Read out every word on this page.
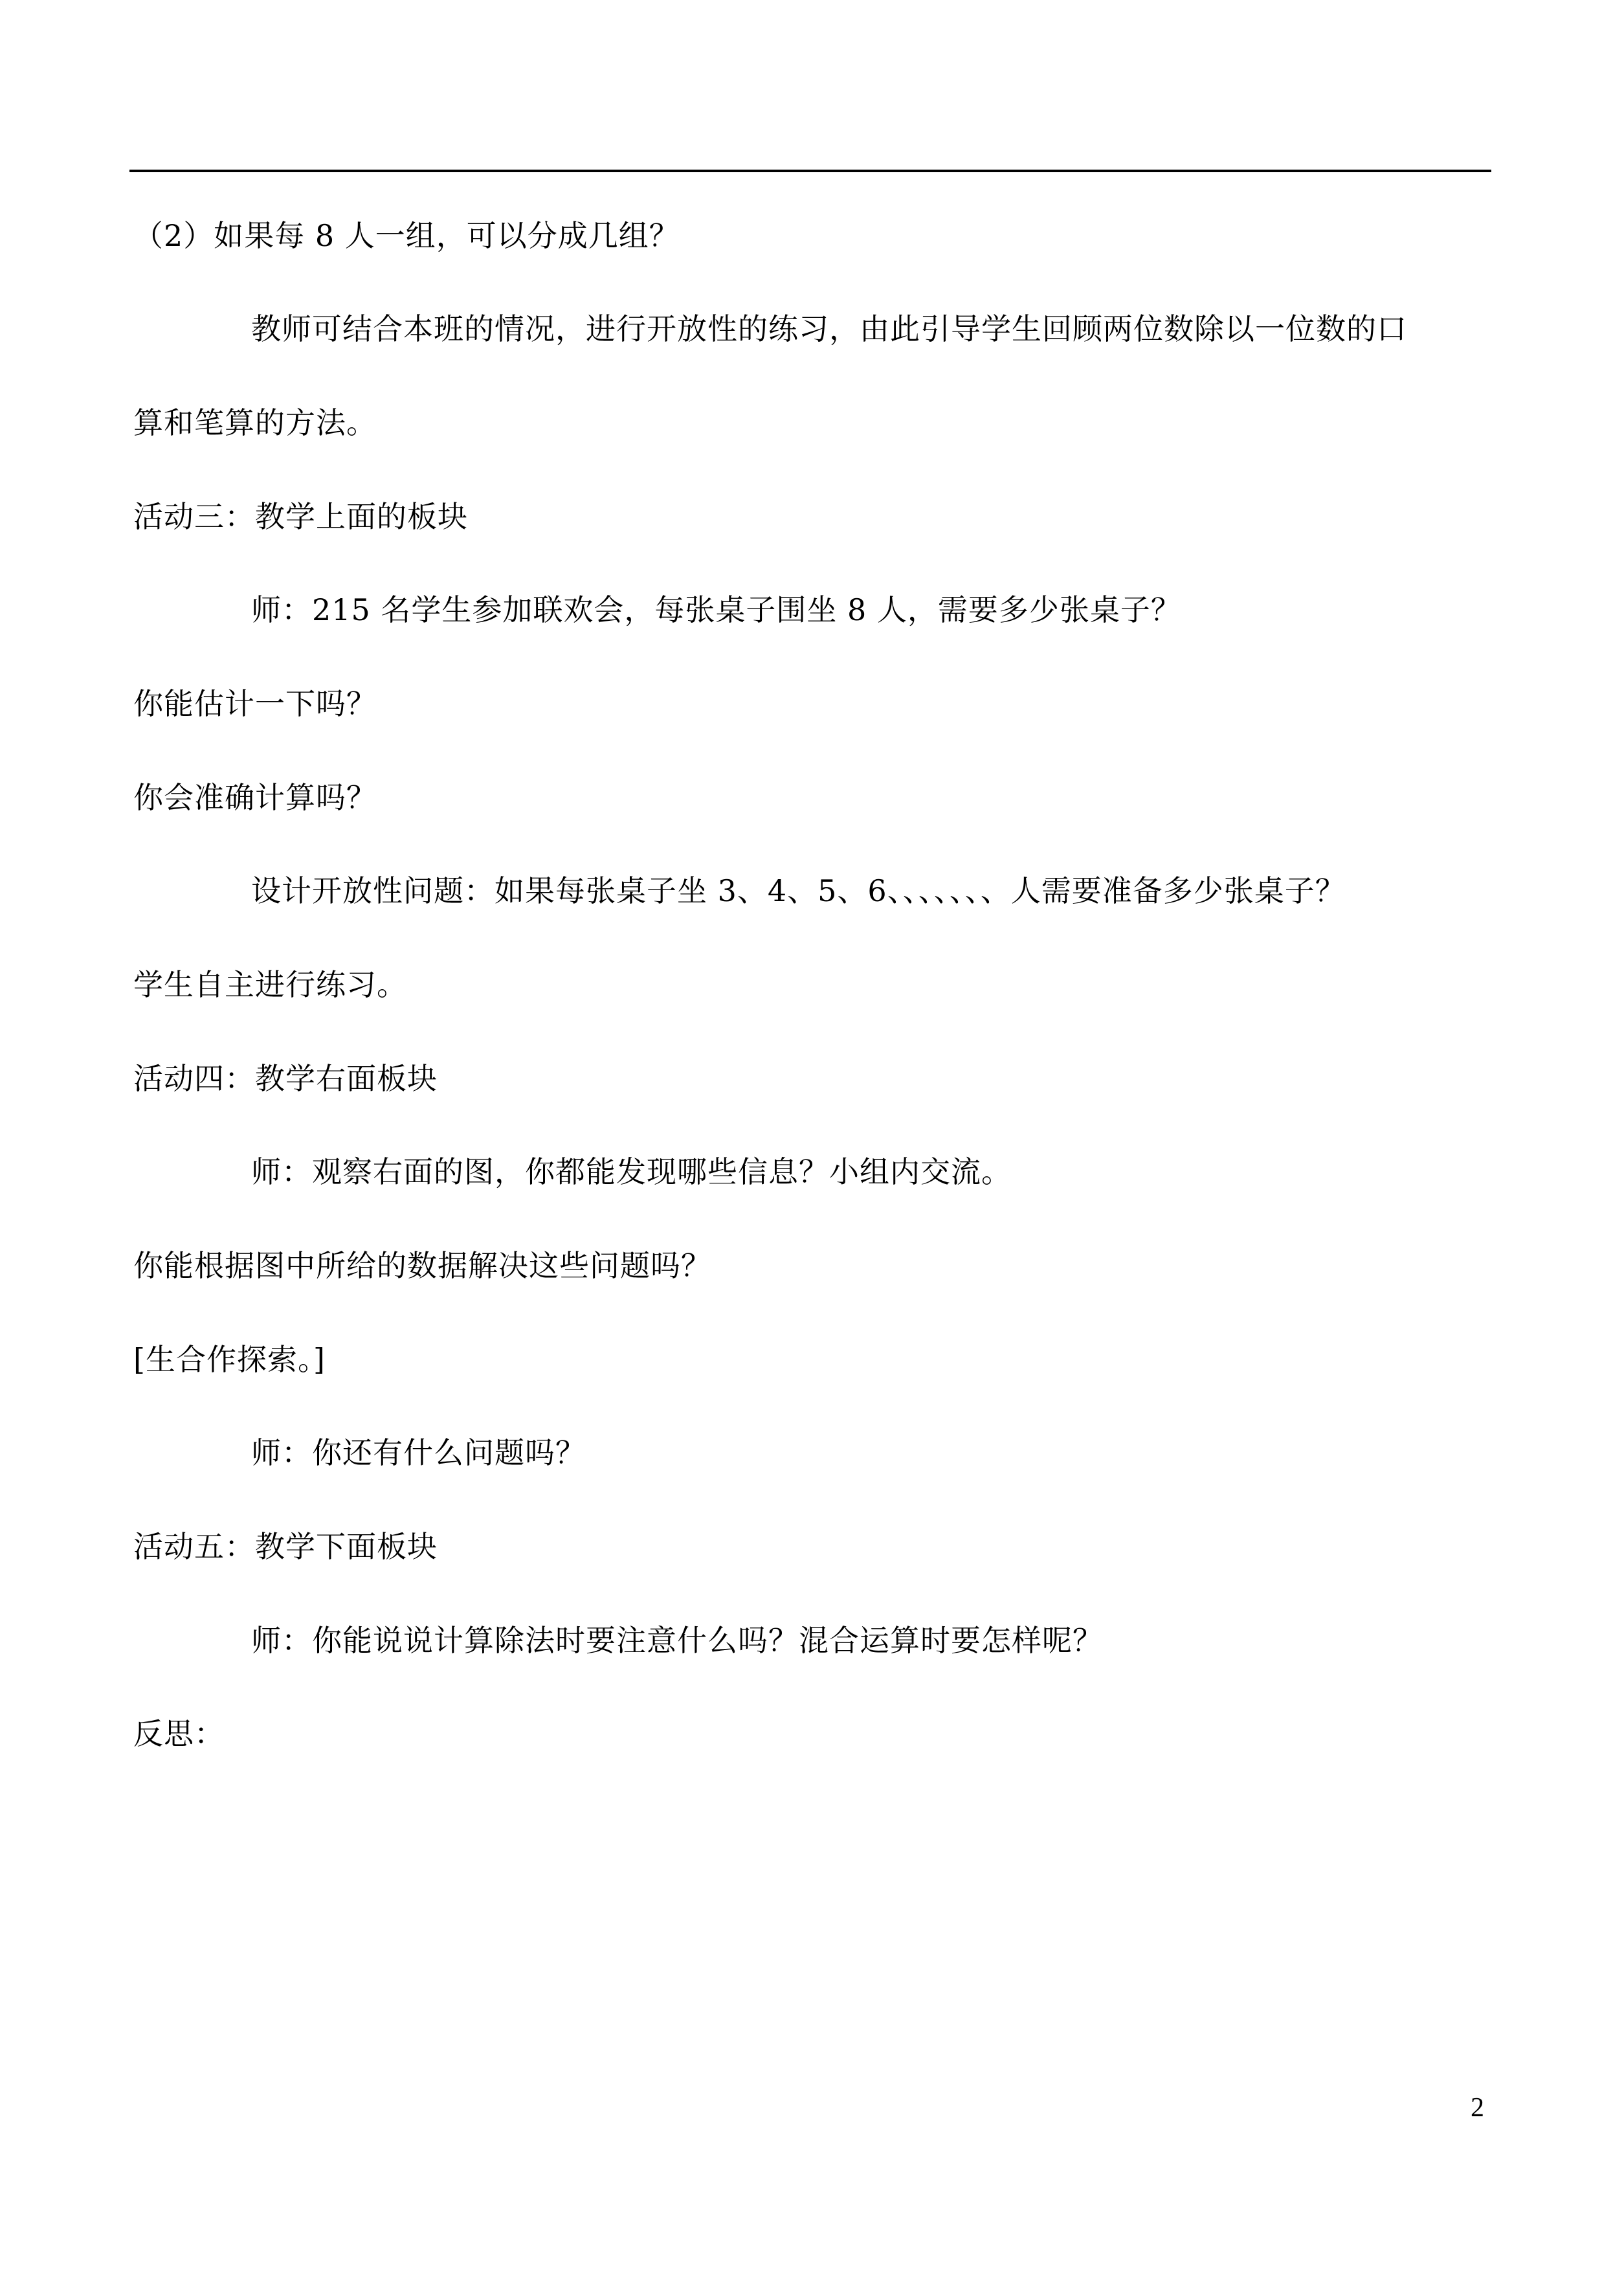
（2）如果每 8 人一组，可以分成几组？
教师可结合本班的情况，进行开放性的练习，由此引导学生回顾两位数除以一位数的口
算和笔算的方法。
活动三：教学上面的板块
师：215 名学生参加联欢会，每张桌子围坐 8 人，需要多少张桌子？
你能估计一下吗？
你会准确计算吗？
设计开放性问题：如果每张桌子坐 3、4、5、6、、、、、、、人需要准备多少张桌子？
学生自主进行练习。
活动四：教学右面板块
师：观察右面的图，你都能发现哪些信息？小组内交流。
你能根据图中所给的数据解决这些问题吗？
[生合作探索。]
师：你还有什么问题吗？
活动五：教学下面板块
师：你能说说计算除法时要注意什么吗？混合运算时要怎样呢？
反思：
2
